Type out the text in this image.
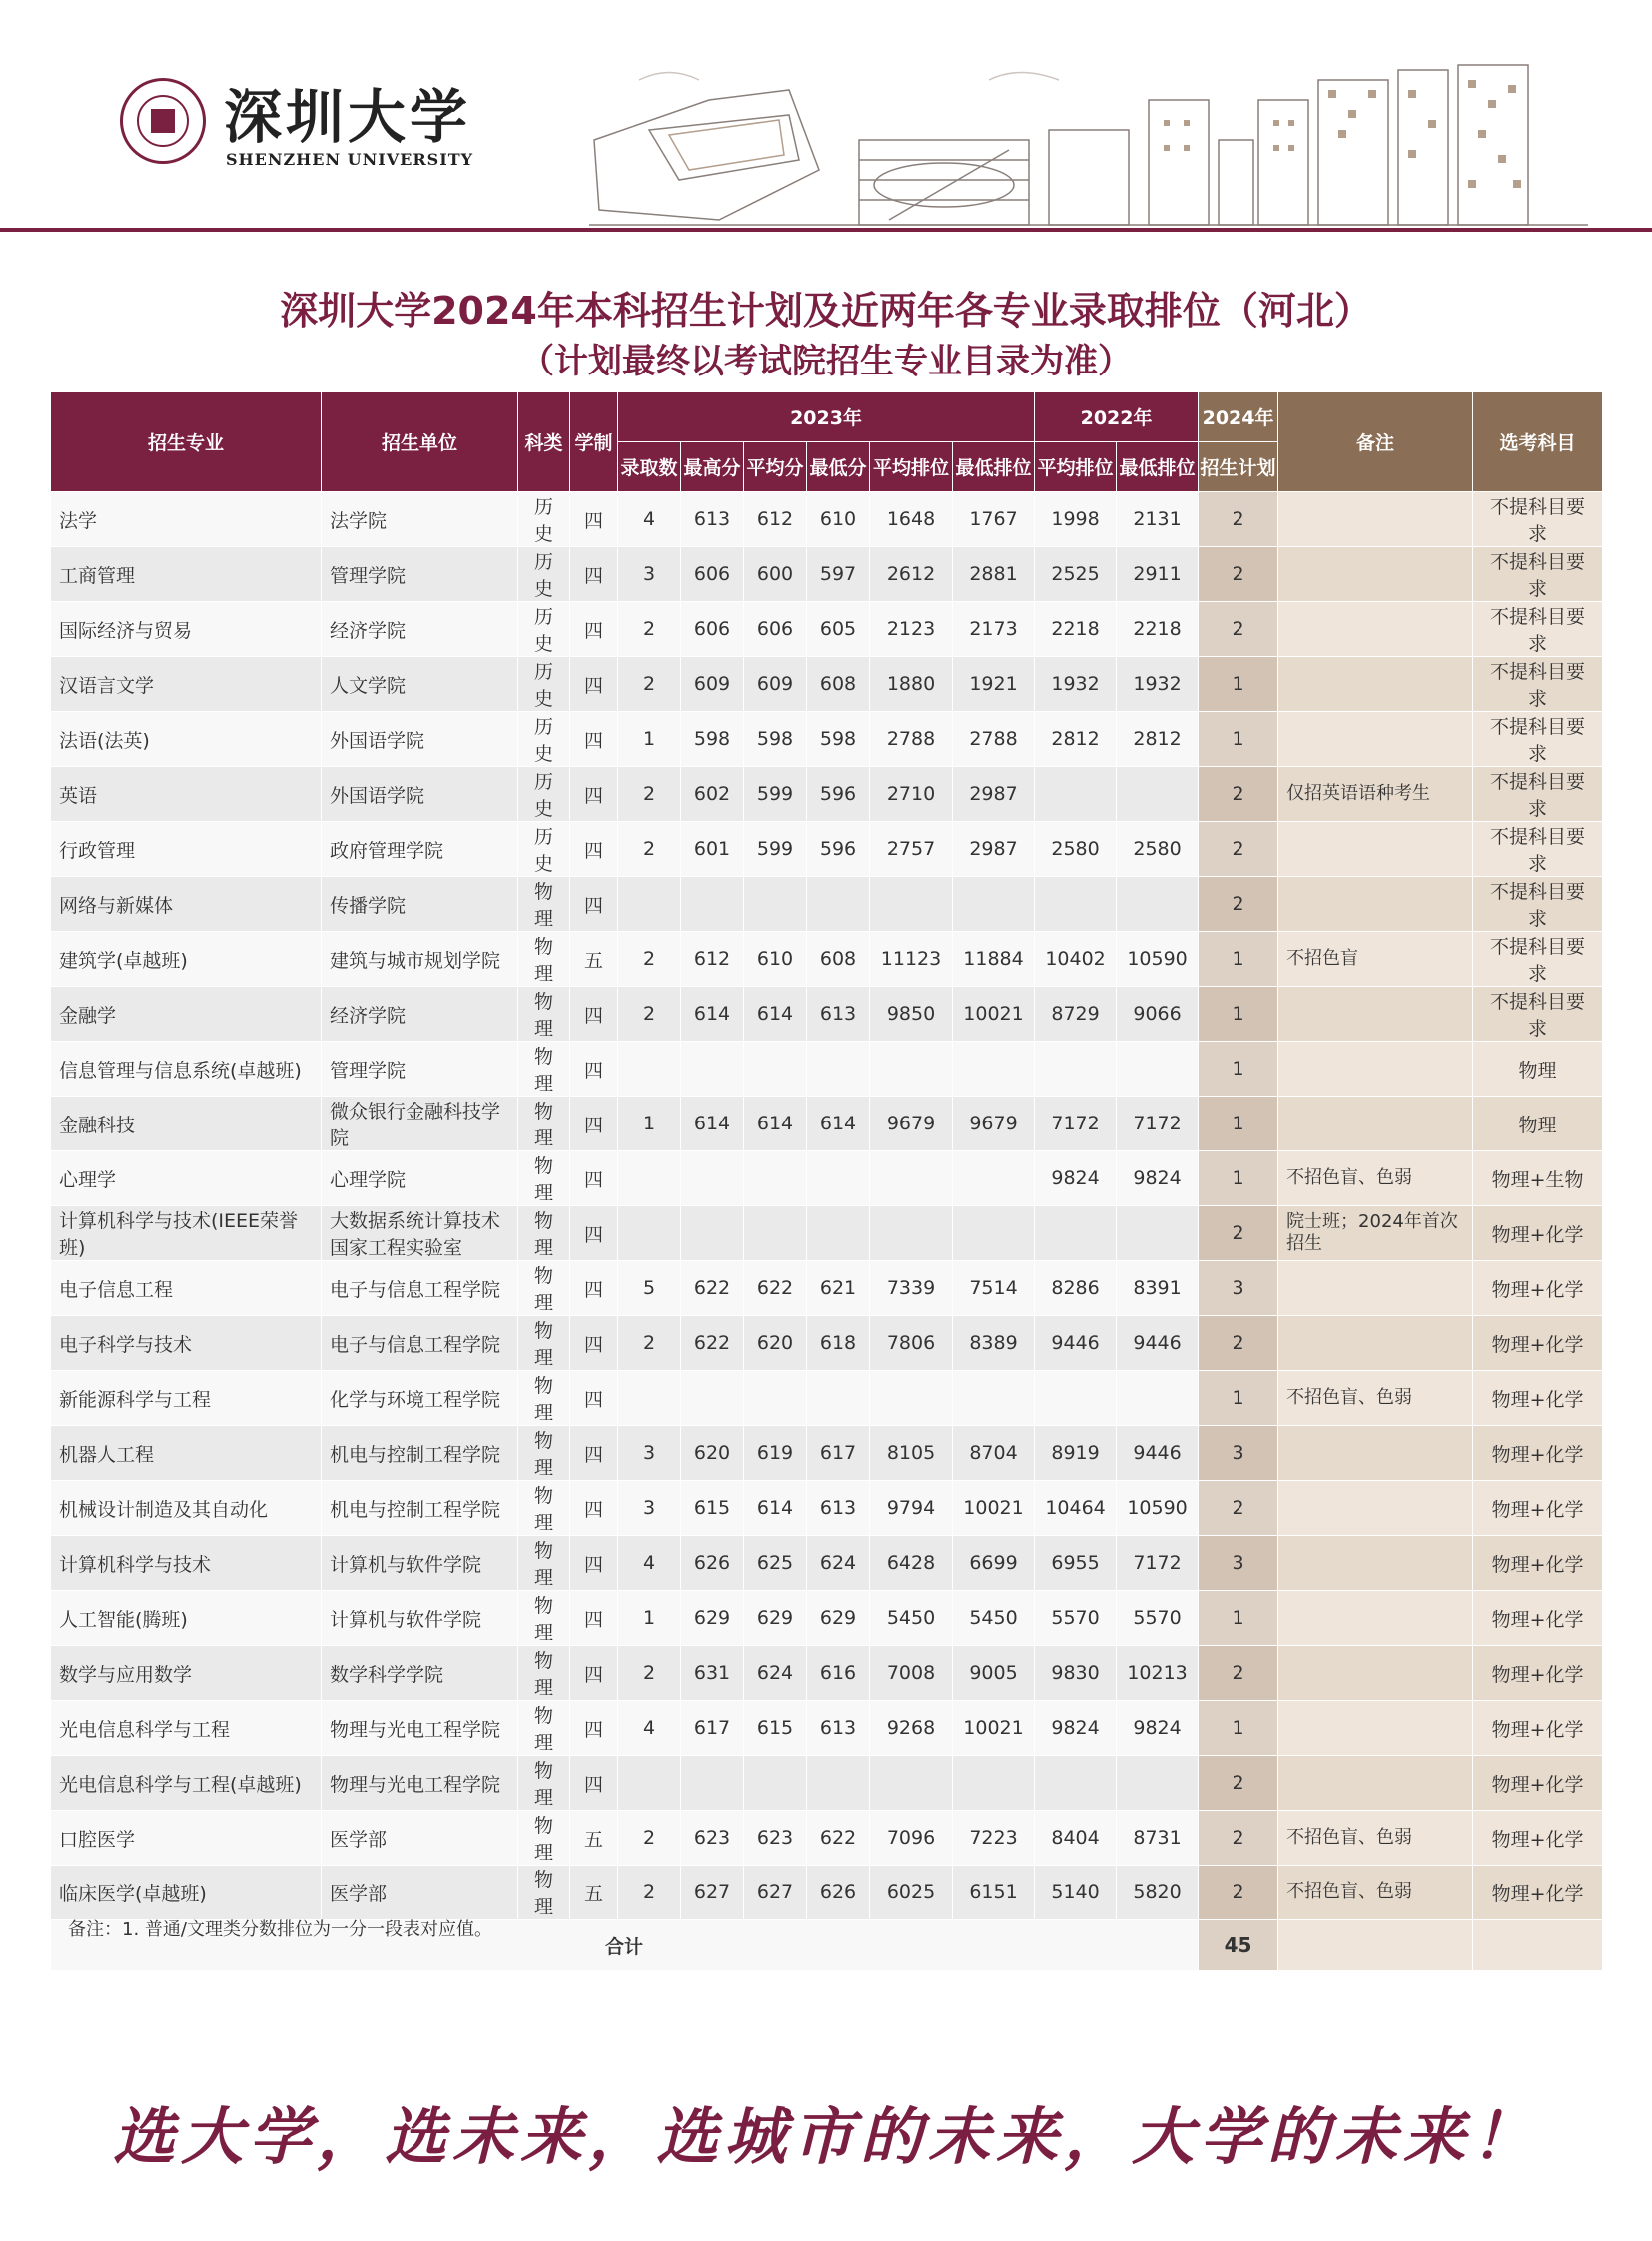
深圳大学
SHENZHEN UNIVERSITY
深圳大学2024年本科招生计划及近两年各专业录取排位（河北）
（计划最终以考试院招生专业目录为准）
招生专业	招生单位	科类	学制	2023年						2022年		2024年	备注	选考科目
				录取数	最高分	平均分	最低分	平均排位	最低排位	平均排位	最低排位	招生计划		
法学	法学院	历史	四	4	613	612	610	1648	1767	1998	2131	2		不提科目要求
工商管理	管理学院	历史	四	3	606	600	597	2612	2881	2525	2911	2		不提科目要求
国际经济与贸易	经济学院	历史	四	2	606	606	605	2123	2173	2218	2218	2		不提科目要求
汉语言文学	人文学院	历史	四	2	609	609	608	1880	1921	1932	1932	1		不提科目要求
法语(法英)	外国语学院	历史	四	1	598	598	598	2788	2788	2812	2812	1		不提科目要求
英语	外国语学院	历史	四	2	602	599	596	2710	2987			2	仅招英语语种考生	不提科目要求
行政管理	政府管理学院	历史	四	2	601	599	596	2757	2987	2580	2580	2		不提科目要求
网络与新媒体	传播学院	物理	四									2		不提科目要求
建筑学(卓越班)	建筑与城市规划学院	物理	五	2	612	610	608	11123	11884	10402	10590	1	不招色盲	不提科目要求
金融学	经济学院	物理	四	2	614	614	613	9850	10021	8729	9066	1		不提科目要求
信息管理与信息系统(卓越班)	管理学院	物理	四									1		物理
金融科技	微众银行金融科技学院	物理	四	1	614	614	614	9679	9679	7172	7172	1		物理
心理学	心理学院	物理	四							9824	9824	1	不招色盲、色弱	物理+生物
计算机科学与技术(IEEE荣誉班)	大数据系统计算技术国家工程实验室	物理	四									2	院士班；2024年首次招生	物理+化学
电子信息工程	电子与信息工程学院	物理	四	5	622	622	621	7339	7514	8286	8391	3		物理+化学
电子科学与技术	电子与信息工程学院	物理	四	2	622	620	618	7806	8389	9446	9446	2		物理+化学
新能源科学与工程	化学与环境工程学院	物理	四									1	不招色盲、色弱	物理+化学
机器人工程	机电与控制工程学院	物理	四	3	620	619	617	8105	8704	8919	9446	3		物理+化学
机械设计制造及其自动化	机电与控制工程学院	物理	四	3	615	614	613	9794	10021	10464	10590	2		物理+化学
计算机科学与技术	计算机与软件学院	物理	四	4	626	625	624	6428	6699	6955	7172	3		物理+化学
人工智能(腾班)	计算机与软件学院	物理	四	1	629	629	629	5450	5450	5570	5570	1		物理+化学
数学与应用数学	数学科学学院	物理	四	2	631	624	616	7008	9005	9830	10213	2		物理+化学
光电信息科学与工程	物理与光电工程学院	物理	四	4	617	615	613	9268	10021	9824	9824	1		物理+化学
光电信息科学与工程(卓越班)	物理与光电工程学院	物理	四									2		物理+化学
口腔医学	医学部	物理	五	2	623	623	622	7096	7223	8404	8731	2	不招色盲、色弱	物理+化学
临床医学(卓越班)	医学部	物理	五	2	627	627	626	6025	6151	5140	5820	2	不招色盲、色弱	物理+化学
合计												45		
备注：1. 普通/文理类分数排位为一分一段表对应值。
选大学，选未来，选城市的未来，大学的未来！
